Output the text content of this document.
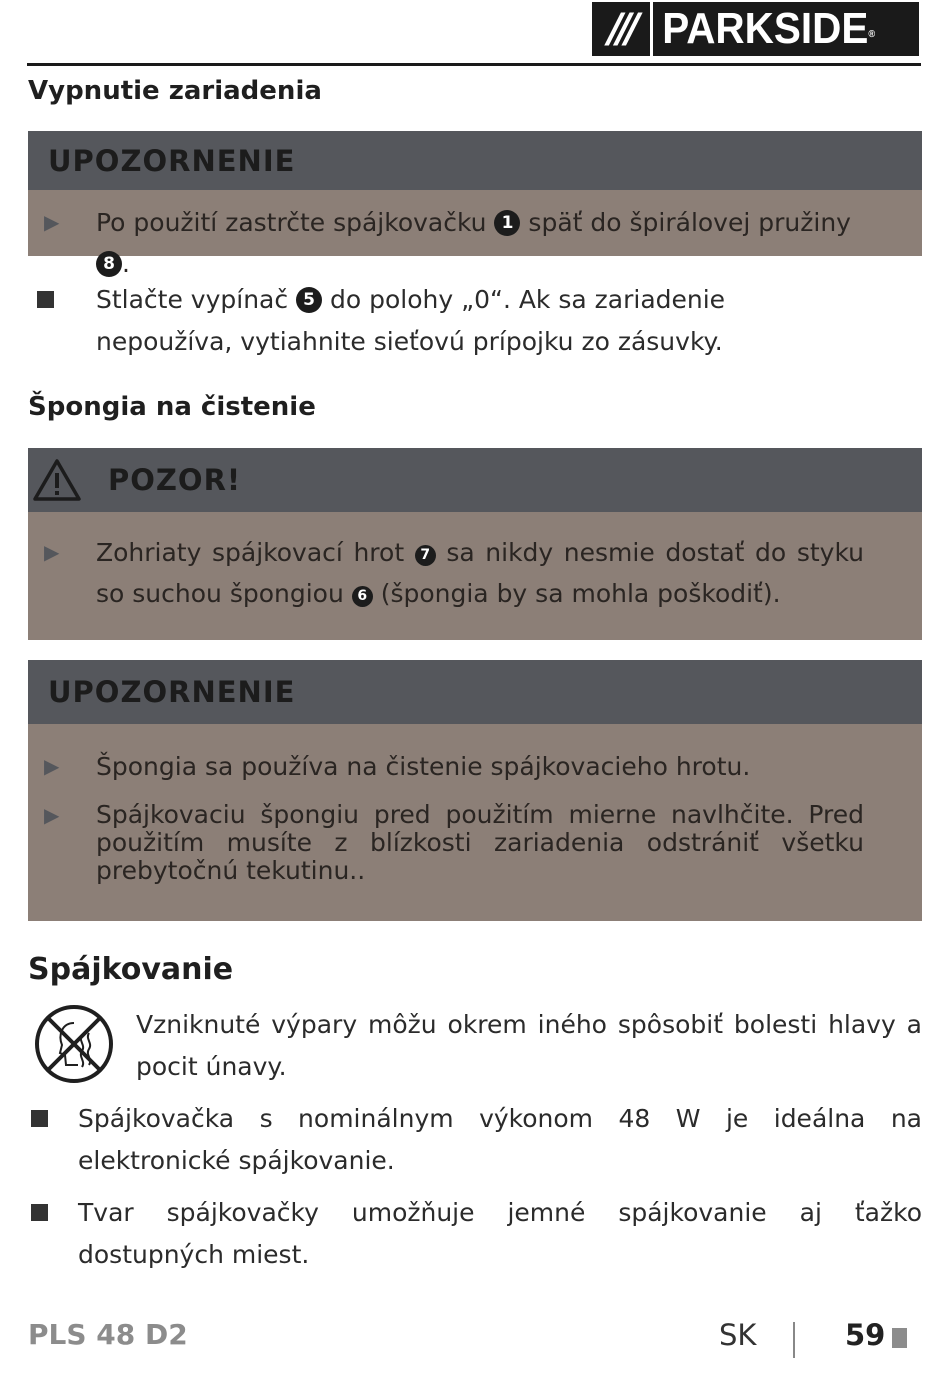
/// PARKSIDE®
Vypnutie zariadenia
UPOZORNENIE
▶	Po použití zastrčte spájkovačku 1 späť do špirálovej pružiny 8 .
Stlačte vypínač 5 do polohy „0“. Ak sa zariadenie nepoužíva, vytiahnite sieťovú prípojku zo zásuvky.
Špongia na čistenie
POZOR!
▶	Zohriaty spájkovací hrot 7 sa nikdy nesmie dostať do styku so suchou špongiou 6 (špongia by sa mohla poškodiť).
UPOZORNENIE
▶	Špongia sa používa na čistenie spájkovacieho hrotu.
▶	Spájkovaciu špongiu pred použitím mierne navlhčite. Pred použitím musíte z blízkosti zariadenia odstrániť všetku prebytočnú tekutinu..
Spájkovanie
Vzniknuté výpary môžu okrem iného spôsobiť bolesti hlavy a pocit únavy.
Spájkovačka s nominálnym výkonom 48 W je ideálna na elektronické spájkovanie.
Tvar spájkovačky umožňuje jemné spájkovanie aj ťažko dostupných miest.
PLS 48 D2	SK	59
